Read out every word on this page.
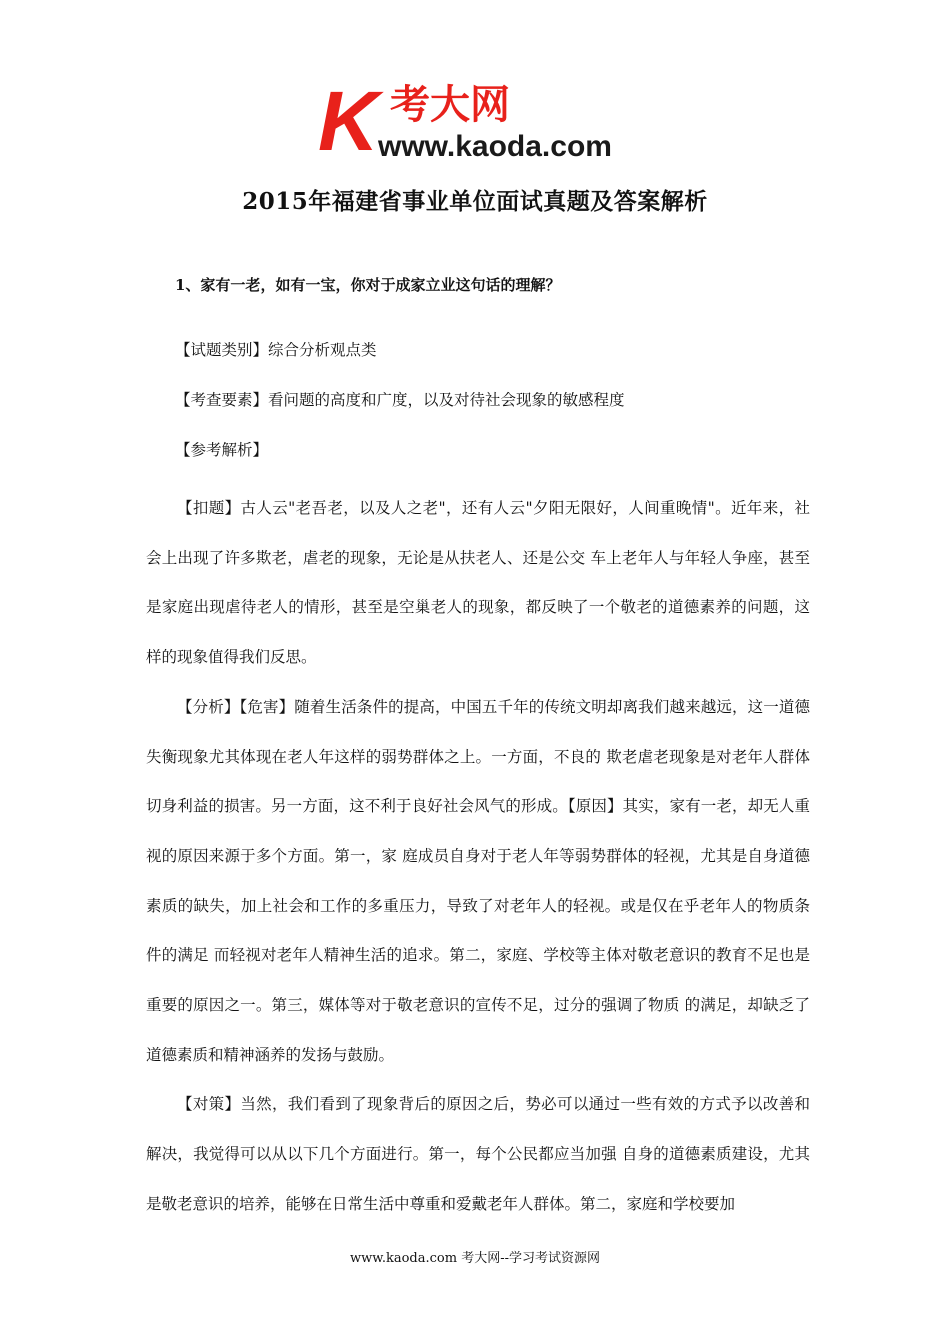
K 考大网
www.kaoda.com
2015年福建省事业单位面试真题及答案解析
1、家有一老，如有一宝，你对于成家立业这句话的理解？
【试题类别】综合分析观点类
【考查要素】看问题的高度和广度，以及对待社会现象的敏感程度
【参考解析】

【扣题】古人云"老吾老，以及人之老"，还有人云"夕阳无限好，人间重晚情"。近年来，社会上出现了许多欺老，虐老的现象，无论是从扶老人、还是公交 车上老年人与年轻人争座，甚至是家庭出现虐待老人的情形，甚至是空巢老人的现象，都反映了一个敬老的道德素养的问题，这样的现象值得我们反思。

【分析】【危害】随着生活条件的提高，中国五千年的传统文明却离我们越来越远，这一道德失衡现象尤其体现在老人年这样的弱势群体之上。一方面，不良的 欺老虐老现象是对老年人群体切身利益的损害。另一方面，这不利于良好社会风气的形成。【原因】其实，家有一老，却无人重视的原因来源于多个方面。第一，家 庭成员自身对于老人年等弱势群体的轻视，尤其是自身道德素质的缺失，加上社会和工作的多重压力，导致了对老年人的轻视。或是仅在乎老年人的物质条件的满足 而轻视对老年人精神生活的追求。第二，家庭、学校等主体对敬老意识的教育不足也是重要的原因之一。第三，媒体等对于敬老意识的宣传不足，过分的强调了物质 的满足，却缺乏了道德素质和精神涵养的发扬与鼓励。

【对策】当然，我们看到了现象背后的原因之后，势必可以通过一些有效的方式予以改善和解决，我觉得可以从以下几个方面进行。第一，每个公民都应当加强 自身的道德素质建设，尤其是敬老意识的培养，能够在日常生活中尊重和爱戴老年人群体。第二，家庭和学校要加

www.kaoda.com 考大网--学习考试资源网
